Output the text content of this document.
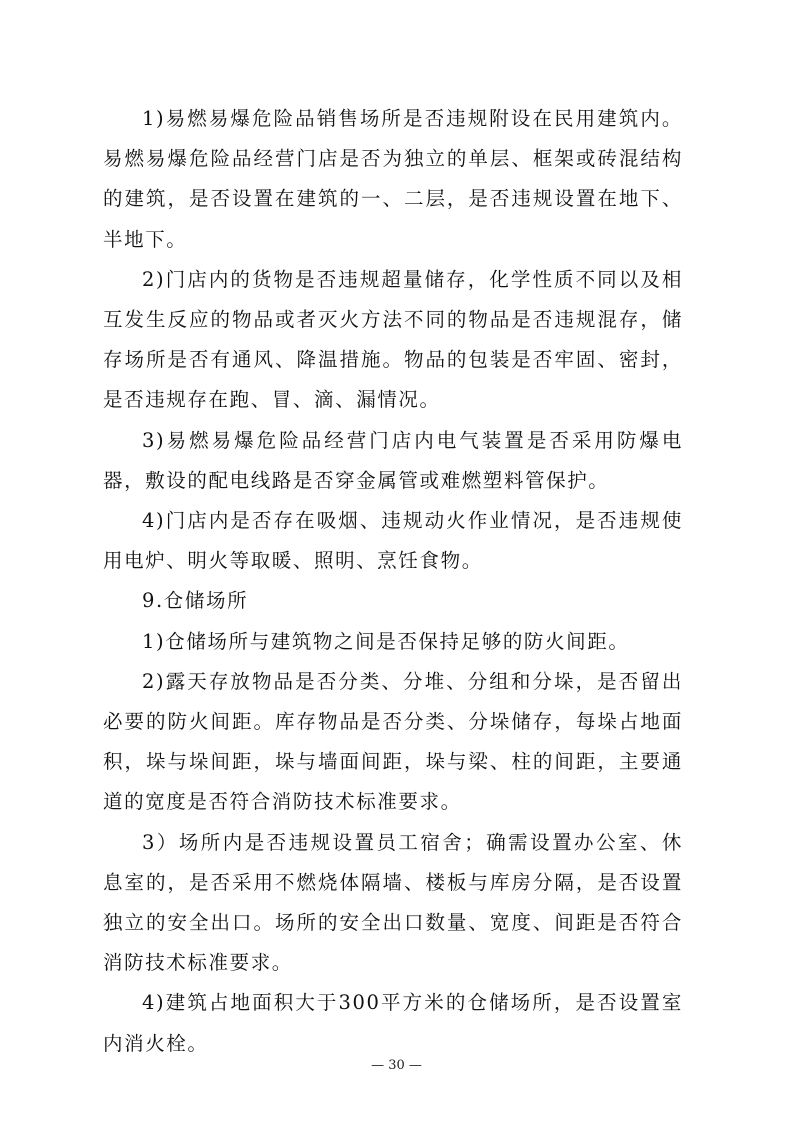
1)易燃易爆危险品销售场所是否违规附设在民用建筑内。易燃易爆危险品经营门店是否为独立的单层、框架或砖混结构的建筑，是否设置在建筑的一、二层，是否违规设置在地下、半地下。

2)门店内的货物是否违规超量储存，化学性质不同以及相互发生反应的物品或者灭火方法不同的物品是否违规混存，储存场所是否有通风、降温措施。物品的包装是否牢固、密封，是否违规存在跑、冒、滴、漏情况。

3)易燃易爆危险品经营门店内电气装置是否采用防爆电器，敷设的配电线路是否穿金属管或难燃塑料管保护。

4)门店内是否存在吸烟、违规动火作业情况，是否违规使用电炉、明火等取暖、照明、烹饪食物。

9.仓储场所

1)仓储场所与建筑物之间是否保持足够的防火间距。

2)露天存放物品是否分类、分堆、分组和分垛，是否留出必要的防火间距。库存物品是否分类、分垛储存，每垛占地面积，垛与垛间距，垛与墙面间距，垛与梁、柱的间距，主要通道的宽度是否符合消防技术标准要求。

3）场所内是否违规设置员工宿舍；确需设置办公室、休息室的，是否采用不燃烧体隔墙、楼板与库房分隔，是否设置独立的安全出口。场所的安全出口数量、宽度、间距是否符合消防技术标准要求。

4)建筑占地面积大于300平方米的仓储场所，是否设置室内消火栓。

— 30 —
